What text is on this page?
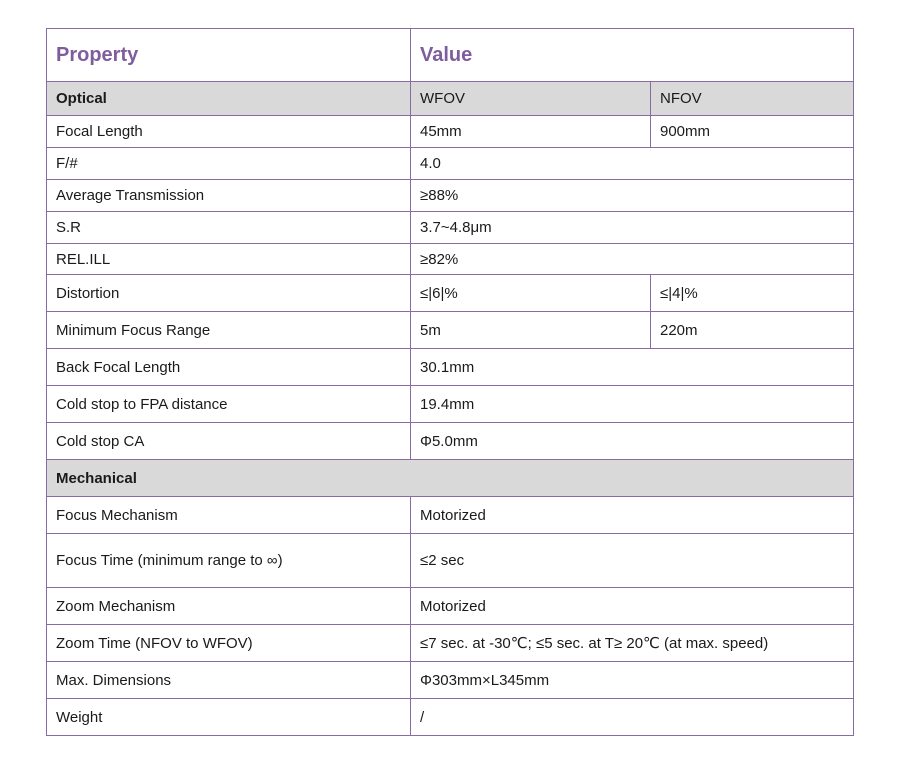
Property	Value	
Optical	WFOV	NFOV
Focal Length	45mm	900mm
F/#	4.0	
Average Transmission	≥88%	
S.R	3.7~4.8μm	
REL.ILL	≥82%	
Distortion	≤|6|%	≤|4|%
Minimum Focus Range	5m	220m
Back Focal Length	30.1mm	
Cold stop to FPA distance	19.4mm	
Cold stop CA	Φ5.0mm	
Mechanical		
Focus Mechanism	Motorized	
Focus Time (minimum range to ∞)	≤2 sec	
Zoom Mechanism	Motorized	
Zoom Time (NFOV to WFOV)	≤7 sec. at -30℃; ≤5 sec. at T≥ 20℃ (at max. speed)	
Max. Dimensions	Φ303mm×L345mm	
Weight	/	
